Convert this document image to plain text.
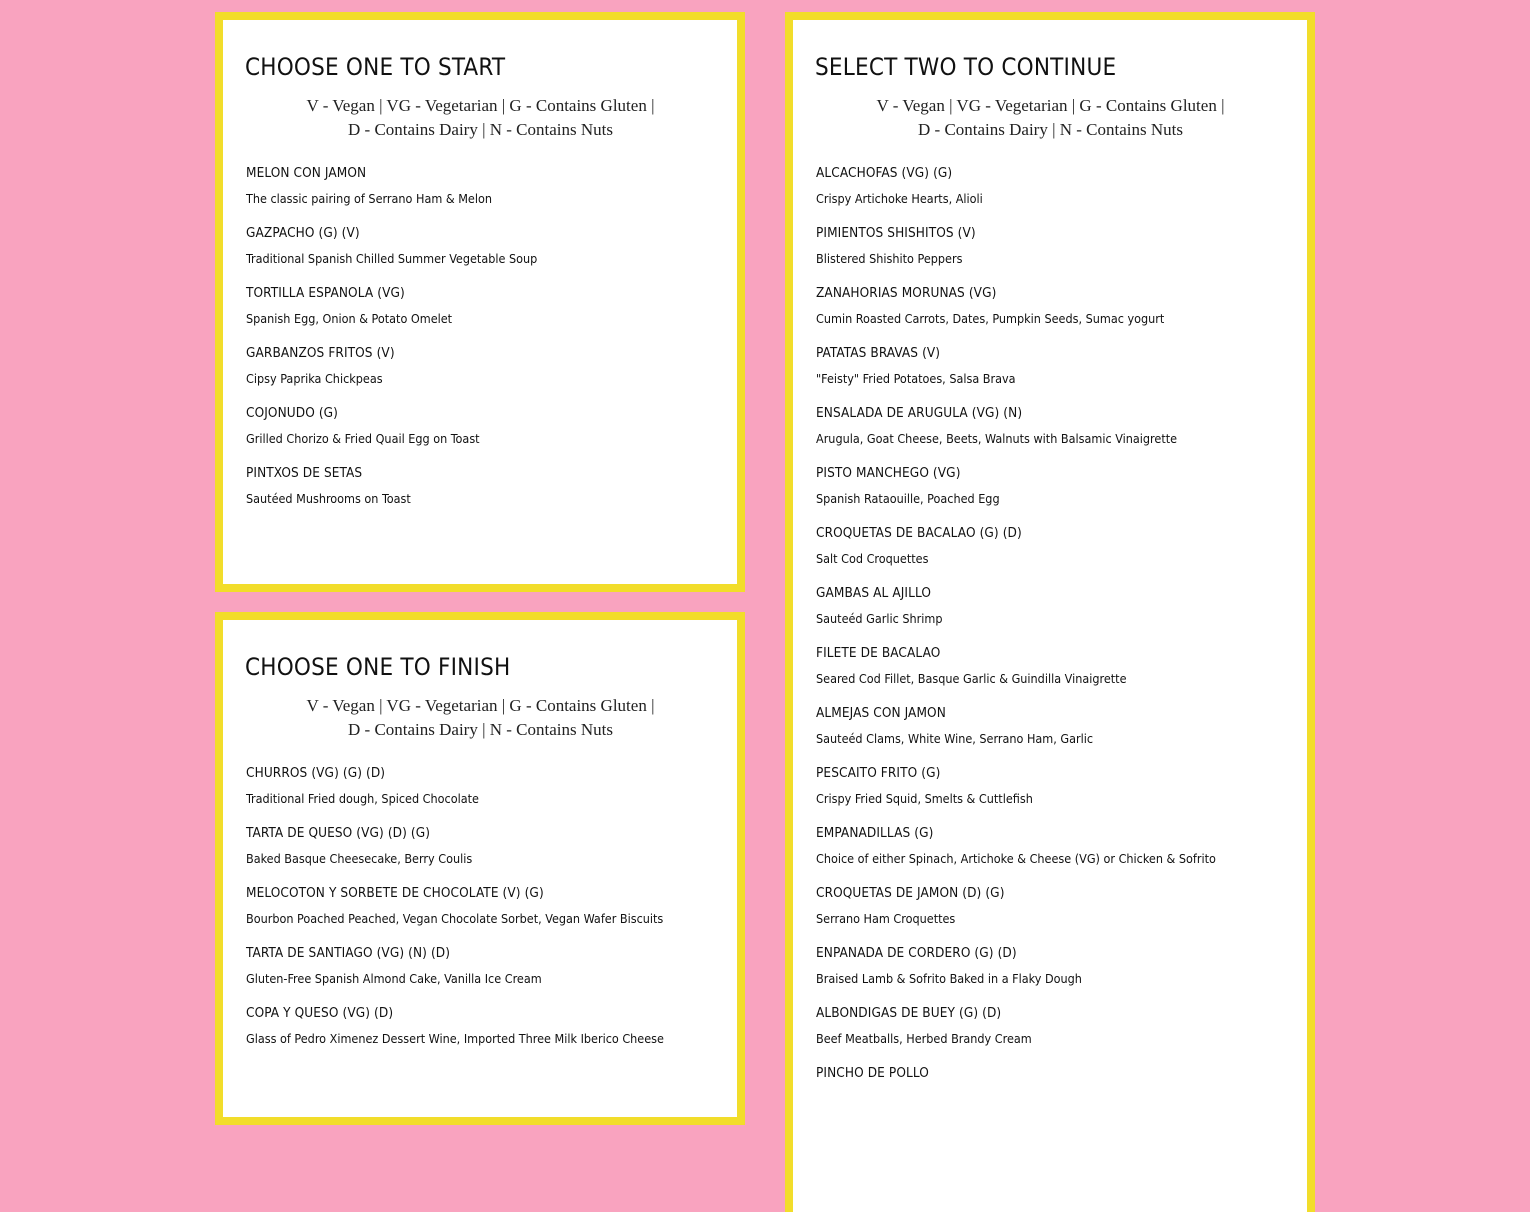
CHOOSE ONE TO START
V - Vegan | VG - Vegetarian | G - Contains Gluten |
D - Contains Dairy | N - Contains Nuts
MELON CON JAMON
The classic pairing of Serrano Ham & Melon
GAZPACHO (G) (V)
Traditional Spanish Chilled Summer Vegetable Soup
TORTILLA ESPANOLA (VG)
Spanish Egg, Onion & Potato Omelet
GARBANZOS FRITOS (V)
Cipsy Paprika Chickpeas
COJONUDO (G)
Grilled Chorizo & Fried Quail Egg on Toast
PINTXOS DE SETAS
Sautéed Mushrooms on Toast
CHOOSE ONE TO FINISH
V - Vegan | VG - Vegetarian | G - Contains Gluten |
D - Contains Dairy | N - Contains Nuts
CHURROS (VG) (G) (D)
Traditional Fried dough, Spiced Chocolate
TARTA DE QUESO (VG) (D) (G)
Baked Basque Cheesecake, Berry Coulis
MELOCOTON Y SORBETE DE CHOCOLATE (V) (G)
Bourbon Poached Peached, Vegan Chocolate Sorbet, Vegan Wafer Biscuits
TARTA DE SANTIAGO (VG) (N) (D)
Gluten-Free Spanish Almond Cake, Vanilla Ice Cream
COPA Y QUESO (VG) (D)
Glass of Pedro Ximenez Dessert Wine, Imported Three Milk Iberico Cheese
SELECT TWO TO CONTINUE
V - Vegan | VG - Vegetarian | G - Contains Gluten |
D - Contains Dairy | N - Contains Nuts
ALCACHOFAS (VG) (G)
Crispy Artichoke Hearts, Alioli
PIMIENTOS SHISHITOS (V)
Blistered Shishito Peppers
ZANAHORIAS MORUNAS (VG)
Cumin Roasted Carrots, Dates, Pumpkin Seeds, Sumac yogurt
PATATAS BRAVAS (V)
"Feisty" Fried Potatoes, Salsa Brava
ENSALADA DE ARUGULA (VG) (N)
Arugula, Goat Cheese, Beets, Walnuts with Balsamic Vinaigrette
PISTO MANCHEGO (VG)
Spanish Rataouille, Poached Egg
CROQUETAS DE BACALAO (G) (D)
Salt Cod Croquettes
GAMBAS AL AJILLO
Sauteéd Garlic Shrimp
FILETE DE BACALAO
Seared Cod Fillet, Basque Garlic & Guindilla Vinaigrette
ALMEJAS CON JAMON
Sauteéd Clams, White Wine, Serrano Ham, Garlic
PESCAITO FRITO (G)
Crispy Fried Squid, Smelts & Cuttlefish
EMPANADILLAS (G)
Choice of either Spinach, Artichoke & Cheese (VG) or Chicken & Sofrito
CROQUETAS DE JAMON (D) (G)
Serrano Ham Croquettes
ENPANADA DE CORDERO (G) (D)
Braised Lamb & Sofrito Baked in a Flaky Dough
ALBONDIGAS DE BUEY (G) (D)
Beef Meatballs, Herbed Brandy Cream
PINCHO DE POLLO
